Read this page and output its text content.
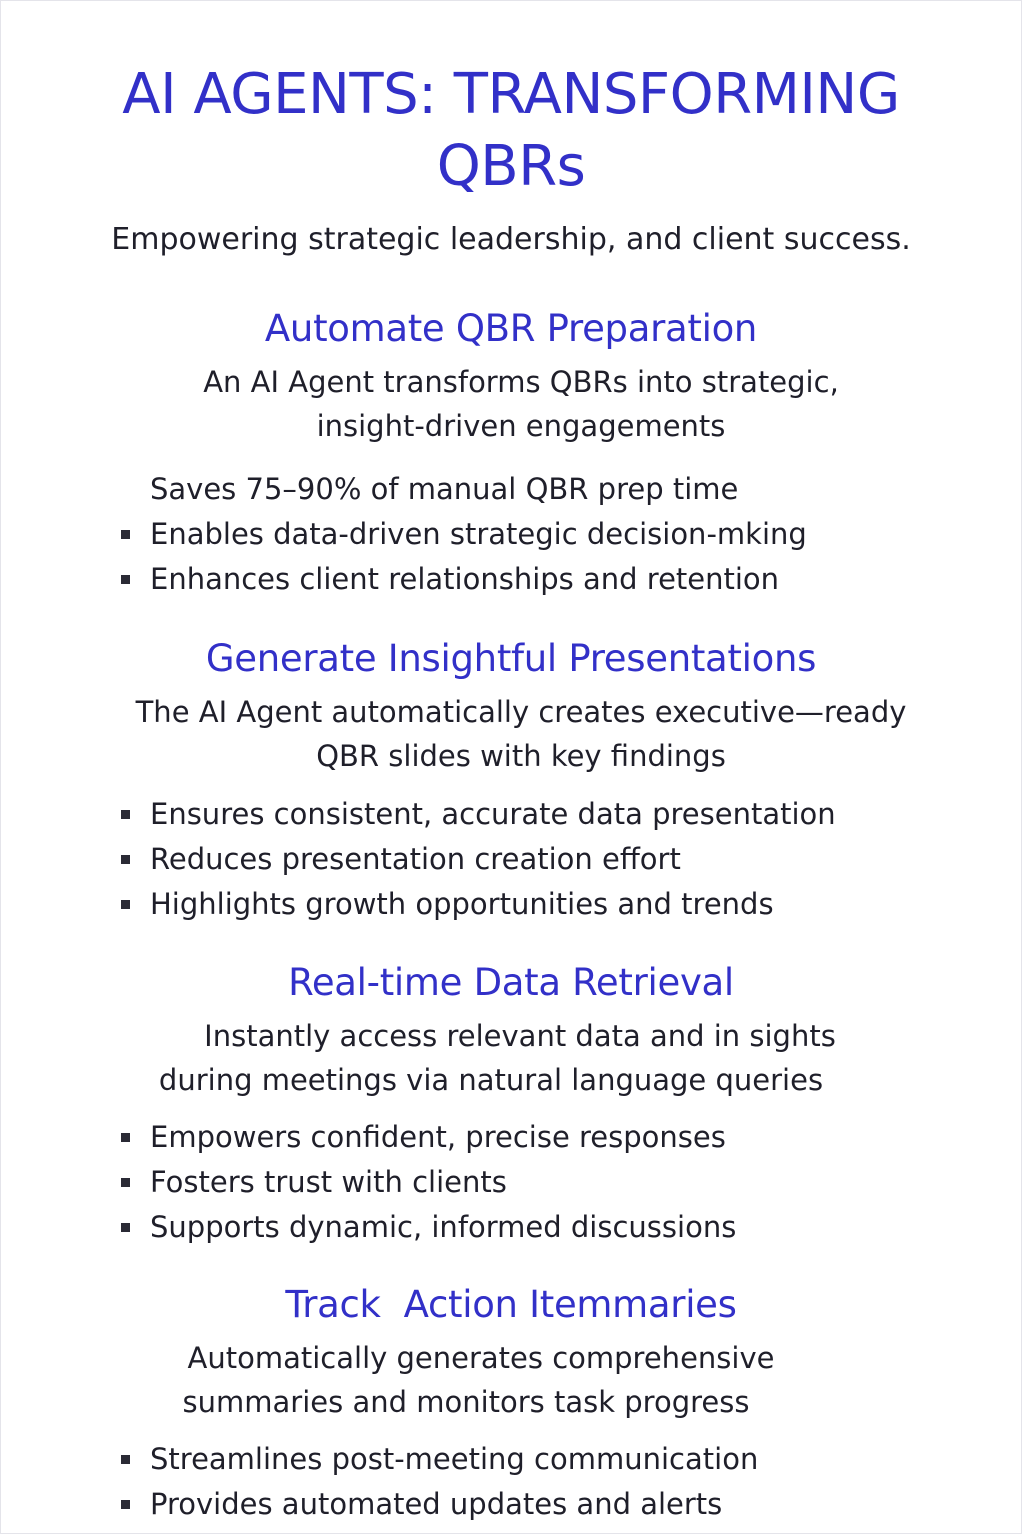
AI AGENTS: TRANSFORMING
QBRs
Empowering strategic leadership, and client success.
Automate QBR Preparation
An AI Agent transforms QBRs into strategic,
insight-driven engagements
Saves 75–90% of manual QBR prep time
Enables data-driven strategic decision-mking
Enhances client relationships and retention
Generate Insightful Presentations
The AI Agent automatically creates executive—ready
QBR slides with key findings
Ensures consistent, accurate data presentation
Reduces presentation creation effort
Highlights growth opportunities and trends
Real-time Data Retrieval
Instantly access relevant data and in sights
during meetings via natural language queries
Empowers confident, precise responses
Fosters trust with clients
Supports dynamic, informed discussions
Track  Action Itemmaries
Automatically generates comprehensive
summaries and monitors task progress
Streamlines post-meeting communication
Provides automated updates and alerts
